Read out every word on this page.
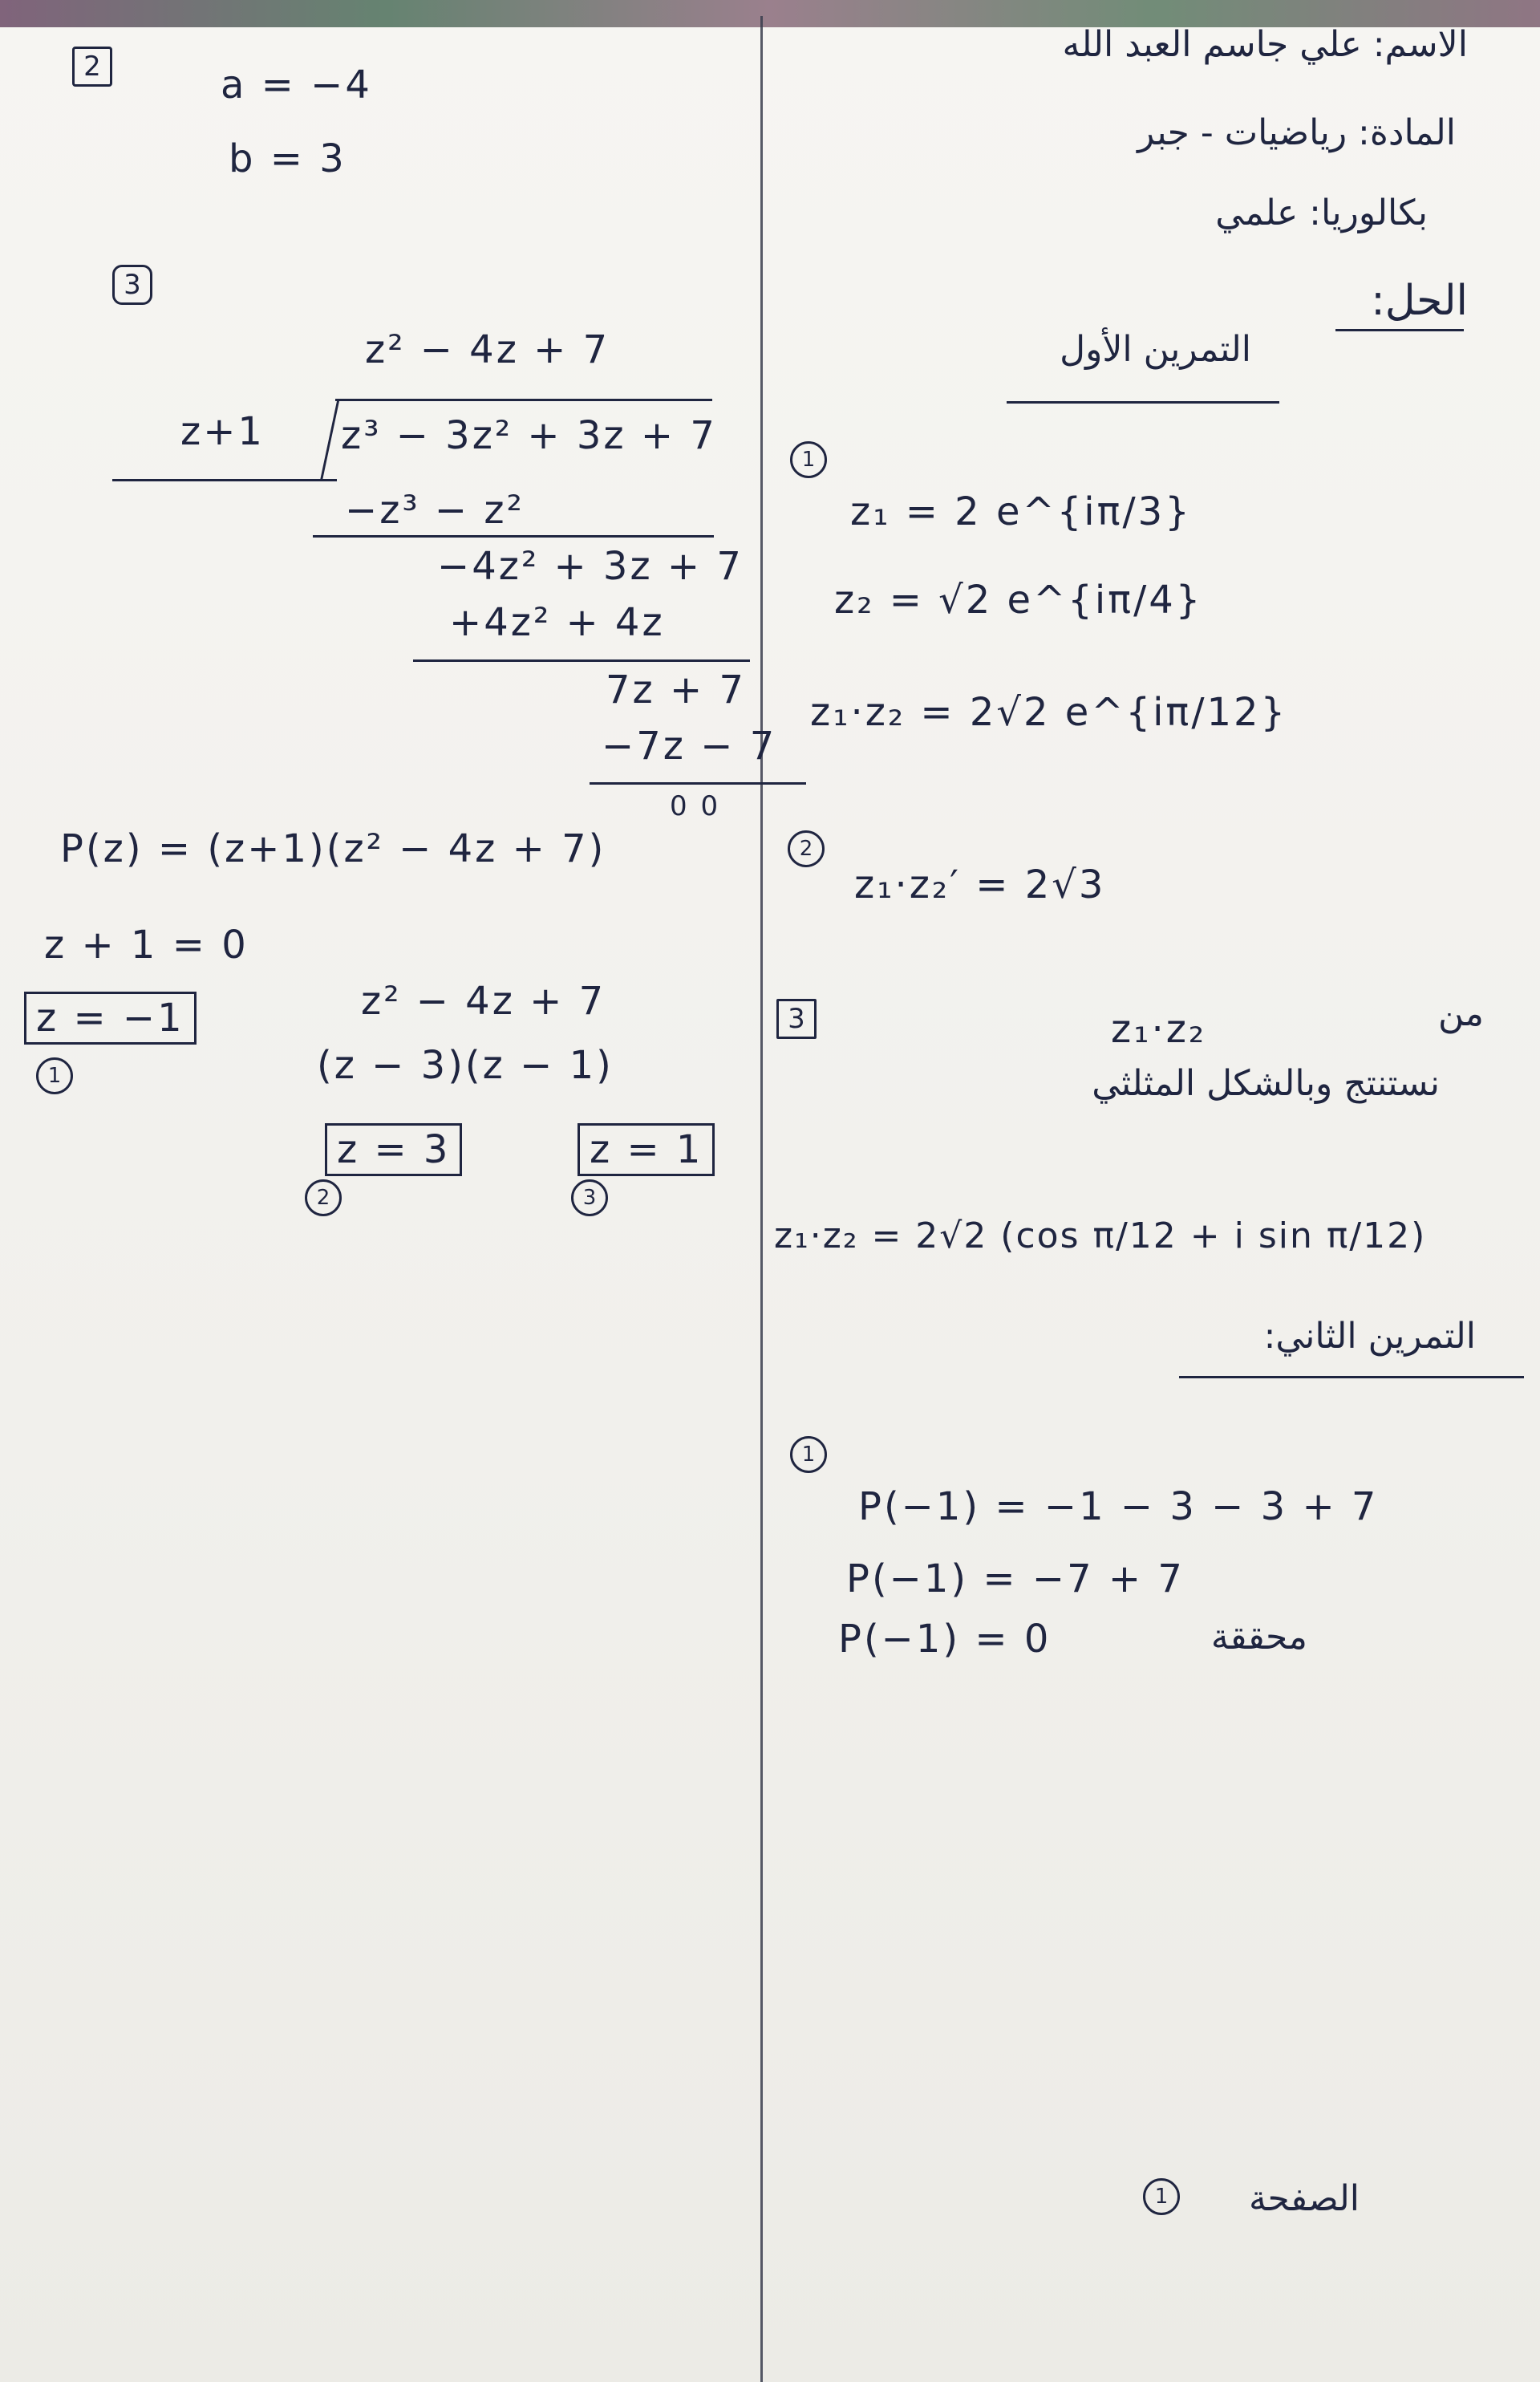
2	a = −4
b = 3
3
z² − 4z + 7
z+1 z³ − 3z² + 3z + 7
−z³ − z²
−4z² + 3z + 7
+4z² + 4z
7z + 7
−7z − 7
0 0
P(z) = (z+1)(z² − 4z + 7)
z + 1 = 0
z = −1
1
z² − 4z + 7
(z − 3)(z − 1)
z = 3
2
z = 1
3
الاسم: علي جاسم العبد الله
المادة: رياضيات - جبر
بكالوريا: علمي
الحل:
التمرين الأول
1
z₁ = 2 e^{iπ/3}
z₂ = √2 e^{iπ/4}
z₁·z₂ = 2√2 e^{iπ/12}
2
z₁·z₂′ = 2√3
3	من
z₁·z₂
نستنتج وبالشكل المثلثي
z₁·z₂ = 2√2 (cos π/12 + i sin π/12)
التمرين الثاني:
1
P(−1) = −1 − 3 − 3 + 7
P(−1) = −7 + 7
P(−1) = 0	محققة
الصفحة
1
